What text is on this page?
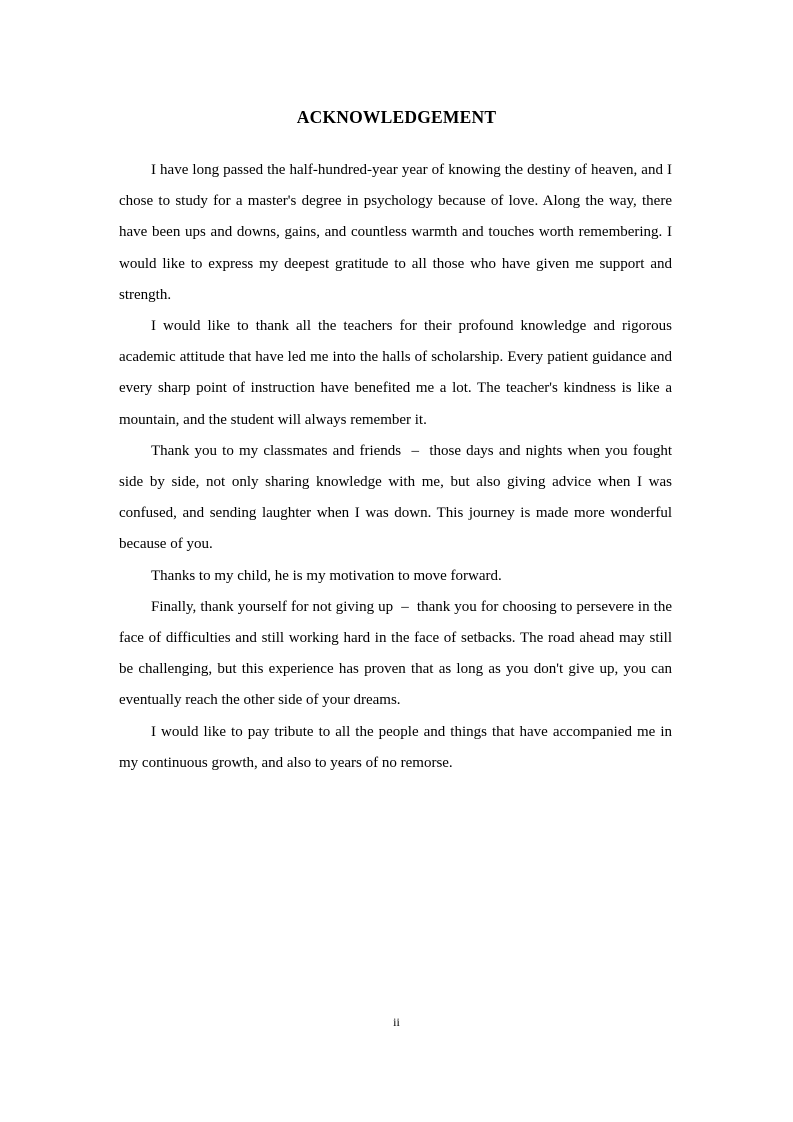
ACKNOWLEDGEMENT

I have long passed the half-hundred-year year of knowing the destiny of heaven, and I chose to study for a master's degree in psychology because of love. Along the way, there have been ups and downs, gains, and countless warmth and touches worth remembering. I would like to express my deepest gratitude to all those who have given me support and strength.

I would like to thank all the teachers for their profound knowledge and rigorous academic attitude that have led me into the halls of scholarship. Every patient guidance and every sharp point of instruction have benefited me a lot. The teacher's kindness is like a mountain, and the student will always remember it.

Thank you to my classmates and friends  –  those days and nights when you fought side by side, not only sharing knowledge with me, but also giving advice when I was confused, and sending laughter when I was down. This journey is made more wonderful because of you.

Thanks to my child, he is my motivation to move forward.

Finally, thank yourself for not giving up  –  thank you for choosing to persevere in the face of difficulties and still working hard in the face of setbacks. The road ahead may still be challenging, but this experience has proven that as long as you don't give up, you can eventually reach the other side of your dreams.

I would like to pay tribute to all the people and things that have accompanied me in my continuous growth, and also to years of no remorse.

ii
